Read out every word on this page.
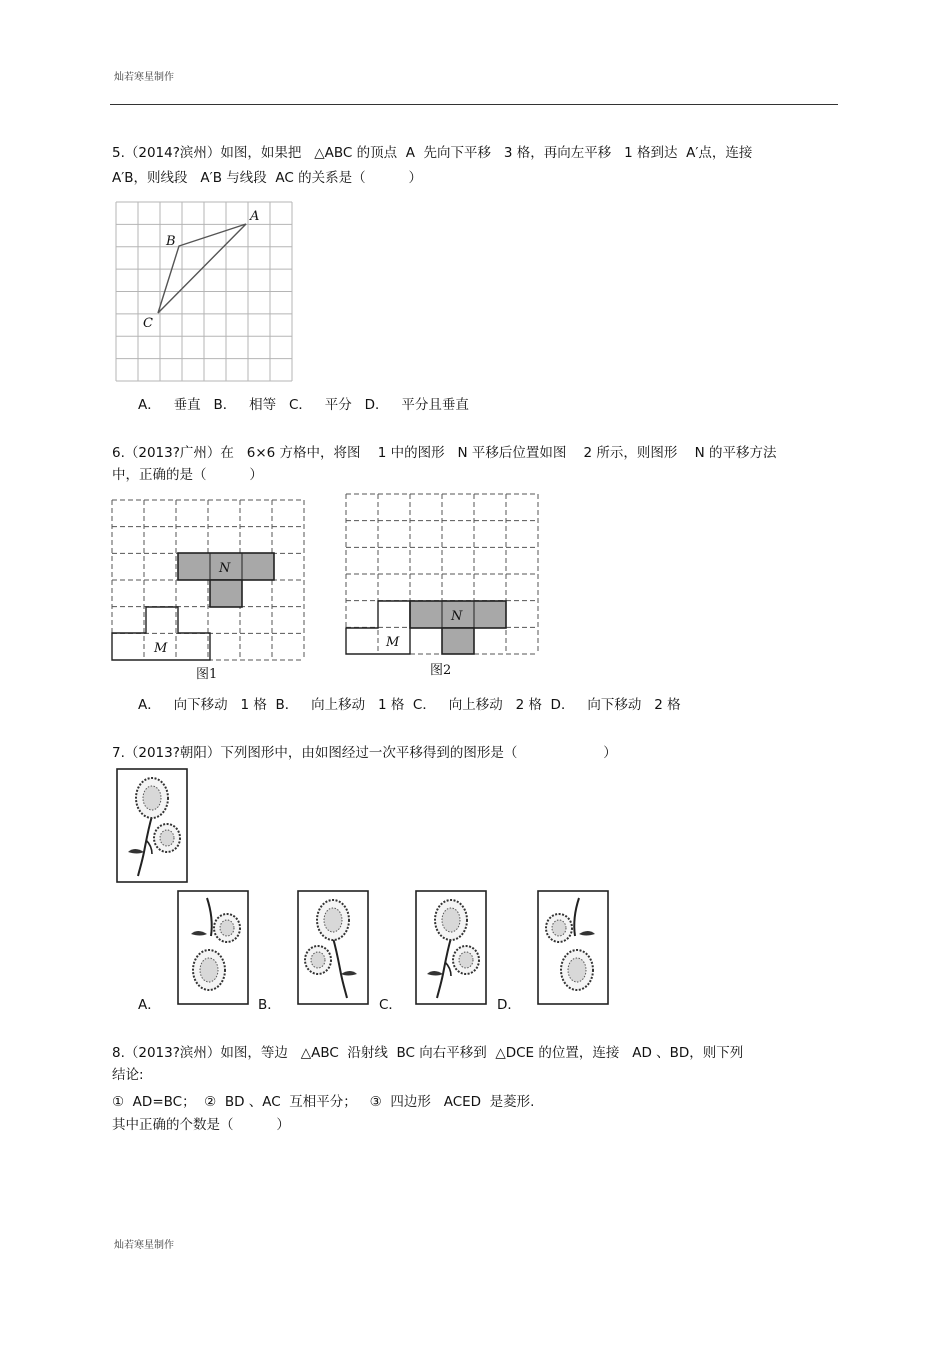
灿若寒星制作
5.（2014?滨州）如图，如果把   △ABC 的顶点  A  先向下平移   3 格，再向左平移   1 格到达  A′点，连接
A′B，则线段   A′B 与线段  AC 的关系是（          ）
A
B
C
A．   垂直   B．   相等   C．   平分   D．   平分且垂直
6.（2013?广州）在   6×6 方格中，将图    1 中的图形   N 平移后位置如图    2 所示，则图形    N 的平移方法
中，正确的是（          ）
N
M
图1
N
M
图2
A．   向下移动   1 格  B．   向上移动   1 格  C．   向上移动   2 格  D．   向下移动   2 格
7.（2013?朝阳）下列图形中，由如图经过一次平移得到的图形是（                    ）
A．	B．	C．	D．
8.（2013?滨州）如图，等边   △ABC  沿射线  BC 向右平移到  △DCE 的位置，连接   AD 、BD，则下列
结论:
①  AD=BC；  ②  BD 、AC  互相平分；   ③  四边形   ACED  是菱形.
其中正确的个数是（          ）
灿若寒星制作
